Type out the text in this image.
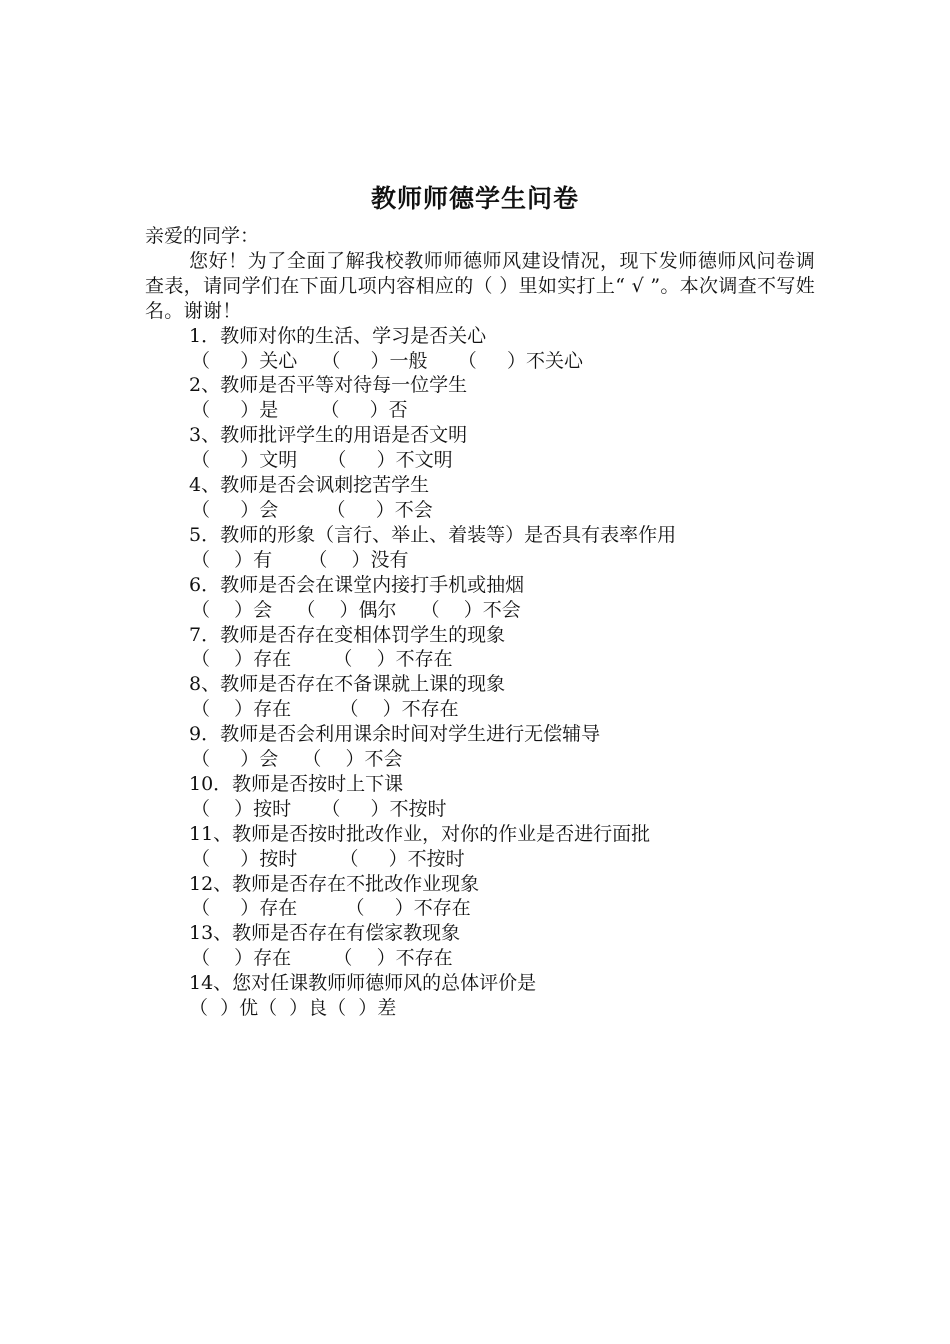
教师师德学生问卷

亲爱的同学：

您好！为了全面了解我校教师师德师风建设情况，现下发师德师风问卷调查表，请同学们在下面几项内容相应的（ ）里如实打上“ √ ”。本次调查不写姓名。谢谢！

1．教师对你的生活、学习是否关心

（     ）关心    （     ）一般     （     ）不关心

2、教师是否平等对待每一位学生

（     ）是       （     ）否

3、教师批评学生的用语是否文明

（     ）文明     （     ）不文明

4、教师是否会讽刺挖苦学生

（     ）会        （     ）不会

5．教师的形象（言行、举止、着装等）是否具有表率作用

（    ）有      （    ）没有

6．教师是否会在课堂内接打手机或抽烟

（    ）会    （    ）偶尔    （    ）不会

7．教师是否存在变相体罚学生的现象

（    ）存在       （    ）不存在

8、教师是否存在不备课就上课的现象

（    ）存在        （    ）不存在

9．教师是否会利用课余时间对学生进行无偿辅导

（     ）会    （    ）不会

10．教师是否按时上下课

（    ）按时     （     ）不按时

11、教师是否按时批改作业，对你的作业是否进行面批

（     ）按时       （     ）不按时

12、教师是否存在不批改作业现象

（     ）存在        （     ）不存在

13、教师是否存在有偿家教现象

（    ）存在       （    ）不存在

14、您对任课教师师德师风的总体评价是

（  ）优（  ）良（  ）差
